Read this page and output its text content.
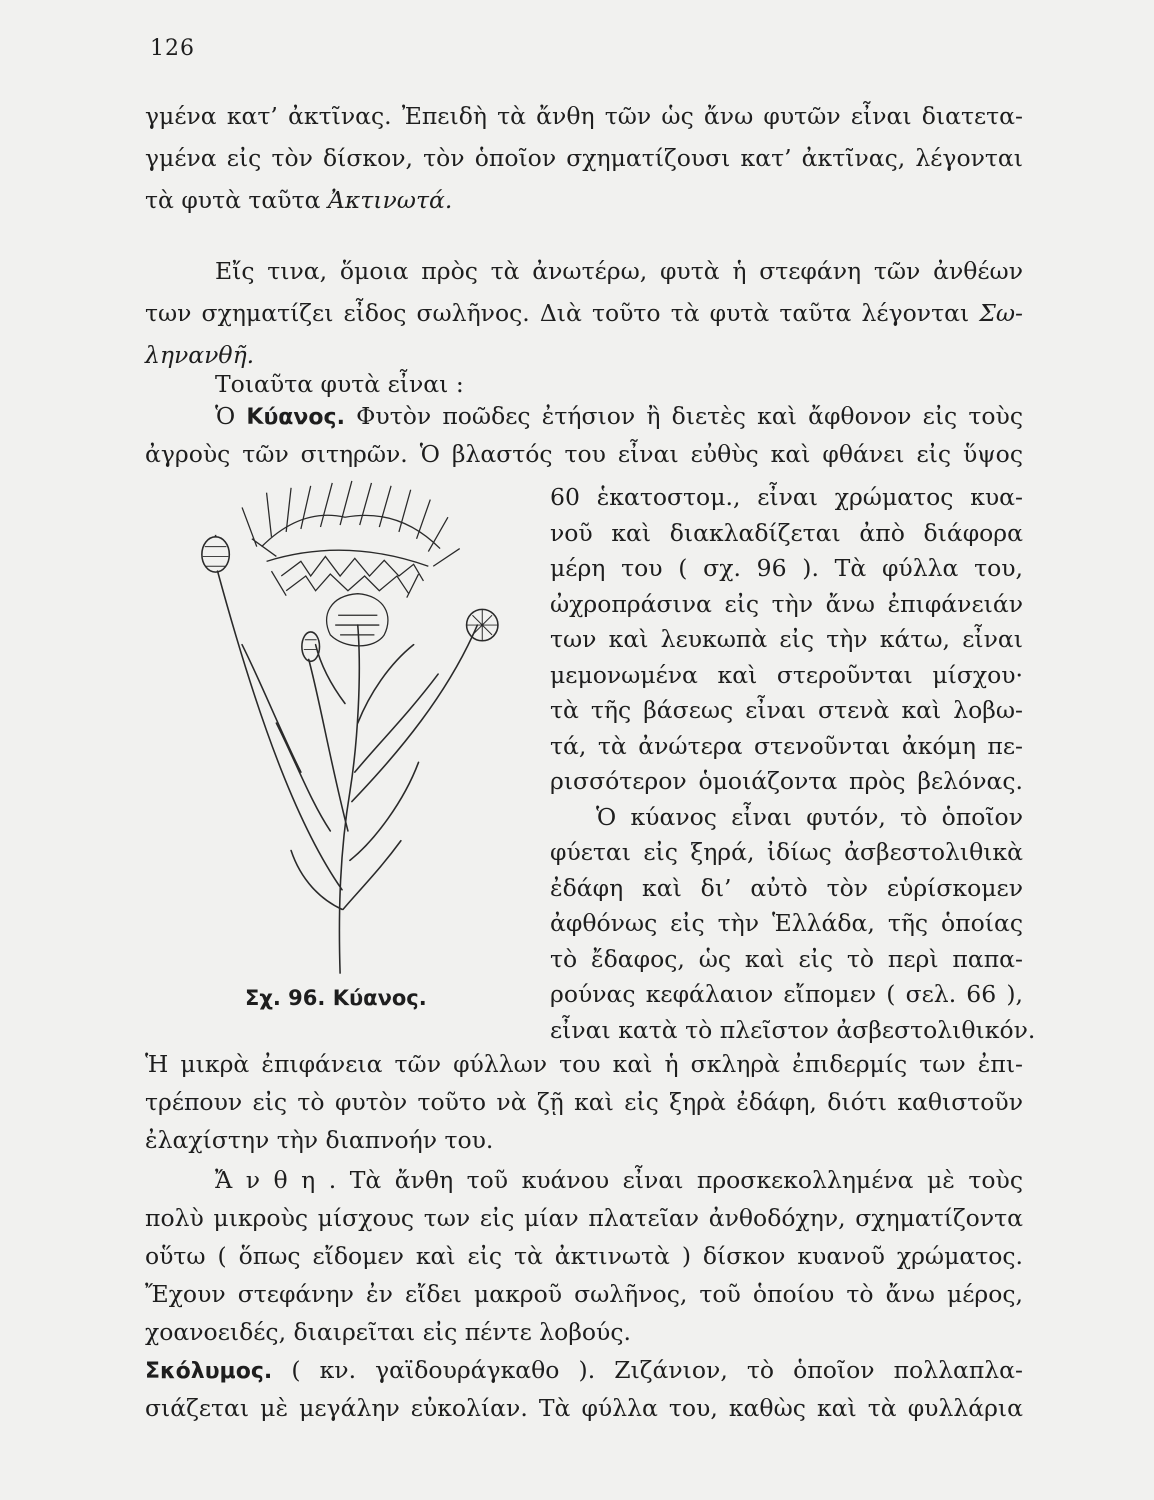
126
γμένα κατ’ ἀκτῖνας. Ἐπειδὴ τὰ ἄνθη τῶν ὡς ἄνω φυτῶν εἶναι διατετα-
γμένα εἰς τὸν δίσκον, τὸν ὁποῖον σχηματίζουσι κατ’ ἀκτῖνας, λέγονται
τὰ φυτὰ ταῦτα Ἀκτινωτά.
Εἴς τινα, ὅμοια πρὸς τὰ ἀνωτέρω, φυτὰ ἡ στεφάνη τῶν ἀνθέων
των σχηματίζει εἶδος σωλῆνος. Διὰ τοῦτο τὰ φυτὰ ταῦτα λέγονται Σω-
ληνανθῆ.
Τοιαῦτα φυτὰ εἶναι :
Ὁ Κύανος. Φυτὸν ποῶδες ἐτήσιον ἢ διετὲς καὶ ἄφθονον εἰς τοὺς
ἀγροὺς τῶν σιτηρῶν. Ὁ βλαστός του εἶναι εὐθὺς καὶ φθάνει εἰς ὕψος
60 ἑκατοστομ., εἶναι χρώματος κυα-
νοῦ καὶ διακλαδίζεται ἀπὸ διάφορα
μέρη του ( σχ. 96 ). Τὰ φύλλα του,
ὠχροπράσινα εἰς τὴν ἄνω ἐπιφάνειάν
των καὶ λευκωπὰ εἰς τὴν κάτω, εἶναι
μεμονωμένα καὶ στεροῦνται μίσχου·
τὰ τῆς βάσεως εἶναι στενὰ καὶ λοβω-
τά, τὰ ἀνώτερα στενοῦνται ἀκόμη πε-
ρισσότερον ὁμοιάζοντα πρὸς βελόνας.
Ὁ κύανος εἶναι φυτόν, τὸ ὁποῖον
φύεται εἰς ξηρά, ἰδίως ἀσβεστολιθικὰ
ἐδάφη καὶ δι’ αὐτὸ τὸν εὑρίσκομεν
ἀφθόνως εἰς τὴν Ἑλλάδα, τῆς ὁποίας
τὸ ἔδαφος, ὡς καὶ εἰς τὸ περὶ παπα-
ρούνας κεφάλαιον εἴπομεν ( σελ. 66 ),
εἶναι κατὰ τὸ πλεῖστον ἀσβεστολιθικόν.
Ἡ μικρὰ ἐπιφάνεια τῶν φύλλων του καὶ ἡ σκληρὰ ἐπιδερμίς των ἐπι-
τρέπουν εἰς τὸ φυτὸν τοῦτο νὰ ζῇ καὶ εἰς ξηρὰ ἐδάφη, διότι καθιστοῦν
ἐλαχίστην τὴν διαπνοήν του.
Ἄ ν θ η . Τὰ ἄνθη τοῦ κυάνου εἶναι προσκεκολλημένα μὲ τοὺς
πολὺ μικροὺς μίσχους των εἰς μίαν πλατεῖαν ἀνθοδόχην, σχηματίζοντα
οὕτω ( ὅπως εἴδομεν καὶ εἰς τὰ ἀκτινωτὰ ) δίσκον κυανοῦ χρώματος.
Ἔχουν στεφάνην ἐν εἴδει μακροῦ σωλῆνος, τοῦ ὁποίου τὸ ἄνω μέρος,
χοανοειδές, διαιρεῖται εἰς πέντε λοβούς.
Σχ. 96. Κύανος.
Σκόλυμος. ( κν. γαϊδουράγκαθο ). Ζιζάνιον, τὸ ὁποῖον πολλαπλα-
σιάζεται μὲ μεγάλην εὐκολίαν. Τὰ φύλλα του, καθὼς καὶ τὰ φυλλάρια
